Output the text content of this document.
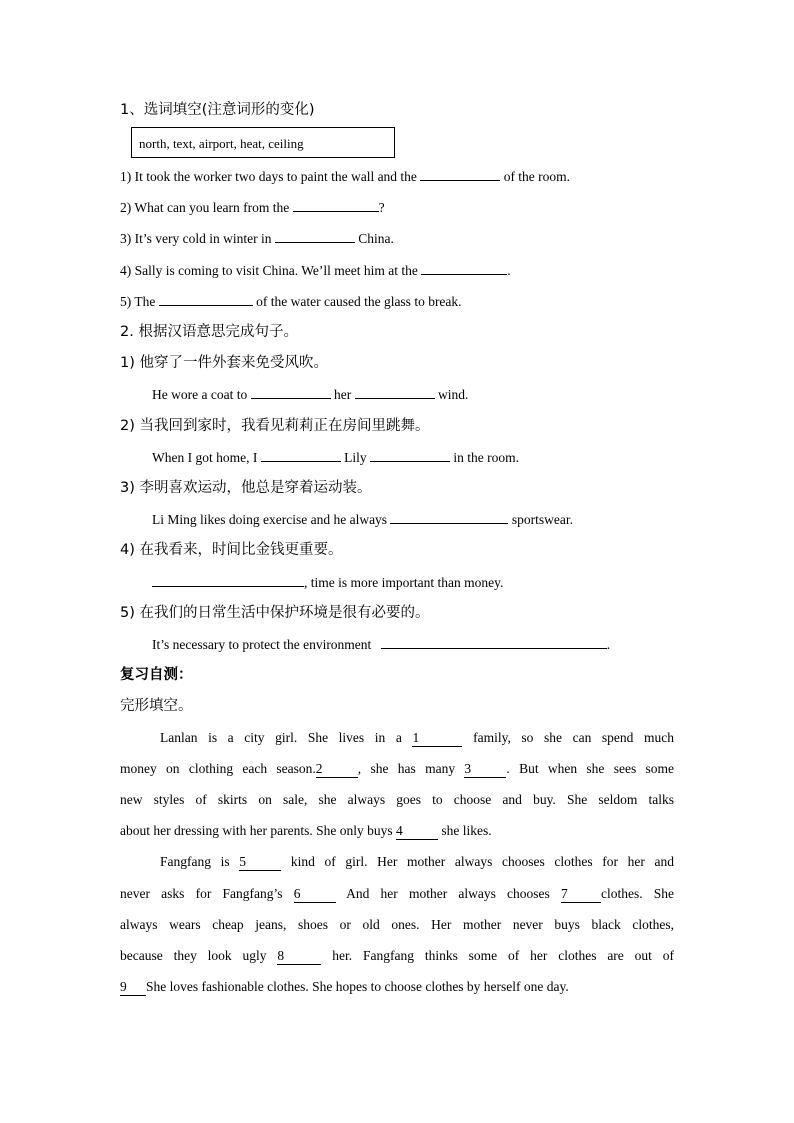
1、选词填空(注意词形的变化)
north, text, airport, heat, ceiling
1) It took the worker two days to paint the wall and the	of the room.
2) What can you learn from the	?
3) It’s very cold in winter in	China.
4) Sally is coming to visit China. We’ll meet him at the	.
5) The	of the water caused the glass to break.
2. 根据汉语意思完成句子。
1) 他穿了一件外套来免受风吹。
He wore a coat to	her	wind.
2) 当我回到家时，我看见莉莉正在房间里跳舞。
When I got home, I	Lily	in the room.
3) 李明喜欢运动，他总是穿着运动装。
Li Ming likes doing exercise and he always	sportswear.
4) 在我看来，时间比金钱更重要。
, time is more important than money.
5) 在我们的日常生活中保护环境是很有必要的。
It’s necessary to protect the environment	.
复习自测：
完形填空。
Lanlan is a city girl. She lives in a 1	family, so she can spend much
money on clothing each season.2	, she has many 3	. But when she sees some
new styles of skirts on sale, she always goes to choose and buy. She seldom talks
about her dressing with her parents. She only buys 4	she likes.
Fangfang is 5	kind of girl. Her mother always chooses clothes for her and
never asks for Fangfang’s 6	And her mother always chooses 7 clothes. She
always wears cheap jeans, shoes or old ones. Her mother never buys black clothes,
because they look ugly 8	her. Fangfang thinks some of her clothes are out of
9 She loves fashionable clothes. She hopes to choose clothes by herself one day.
